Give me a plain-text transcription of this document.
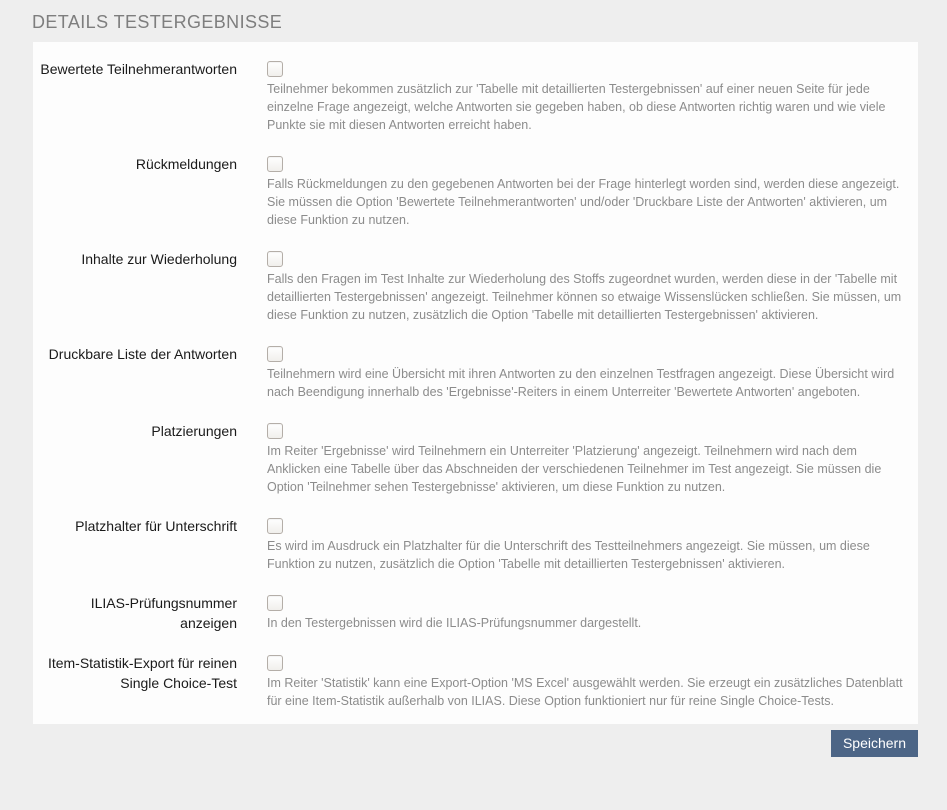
DETAILS TESTERGEBNISSE
Bewertete Teilnehmerantworten
Teilnehmer bekommen zusätzlich zur 'Tabelle mit detaillierten Testergebnissen' auf einer neuen Seite für jede einzelne Frage angezeigt, welche Antworten sie gegeben haben, ob diese Antworten richtig waren und wie viele Punkte sie mit diesen Antworten erreicht haben.
Rückmeldungen
Falls Rückmeldungen zu den gegebenen Antworten bei der Frage hinterlegt worden sind, werden diese angezeigt. Sie müssen die Option 'Bewertete Teilnehmerantworten' und/oder 'Druckbare Liste der Antworten' aktivieren, um diese Funktion zu nutzen.
Inhalte zur Wiederholung
Falls den Fragen im Test Inhalte zur Wiederholung des Stoffs zugeordnet wurden, werden diese in der 'Tabelle mit detaillierten Testergebnissen' angezeigt. Teilnehmer können so etwaige Wissenslücken schließen. Sie müssen, um diese Funktion zu nutzen, zusätzlich die Option 'Tabelle mit detaillierten Testergebnissen' aktivieren.
Druckbare Liste der Antworten
Teilnehmern wird eine Übersicht mit ihren Antworten zu den einzelnen Testfragen angezeigt. Diese Übersicht wird nach Beendigung innerhalb des 'Ergebnisse'-Reiters in einem Unterreiter 'Bewertete Antworten' angeboten.
Platzierungen
Im Reiter 'Ergebnisse' wird Teilnehmern ein Unterreiter 'Platzierung' angezeigt. Teilnehmern wird nach dem Anklicken eine Tabelle über das Abschneiden der verschiedenen Teilnehmer im Test angezeigt. Sie müssen die Option 'Teilnehmer sehen Testergebnisse' aktivieren, um diese Funktion zu nutzen.
Platzhalter für Unterschrift
Es wird im Ausdruck ein Platzhalter für die Unterschrift des Testteilnehmers angezeigt. Sie müssen, um diese Funktion zu nutzen, zusätzlich die Option 'Tabelle mit detaillierten Testergebnissen' aktivieren.
ILIAS-Prüfungsnummer anzeigen	In den Testergebnissen wird die ILIAS-Prüfungsnummer dargestellt.
Item-Statistik-Export für reinen Single Choice-Test	Im Reiter 'Statistik' kann eine Export-Option 'MS Excel' ausgewählt werden. Sie erzeugt ein zusätzliches Datenblatt für eine Item-Statistik außerhalb von ILIAS. Diese Option funktioniert nur für reine Single Choice-Tests.
Speichern
